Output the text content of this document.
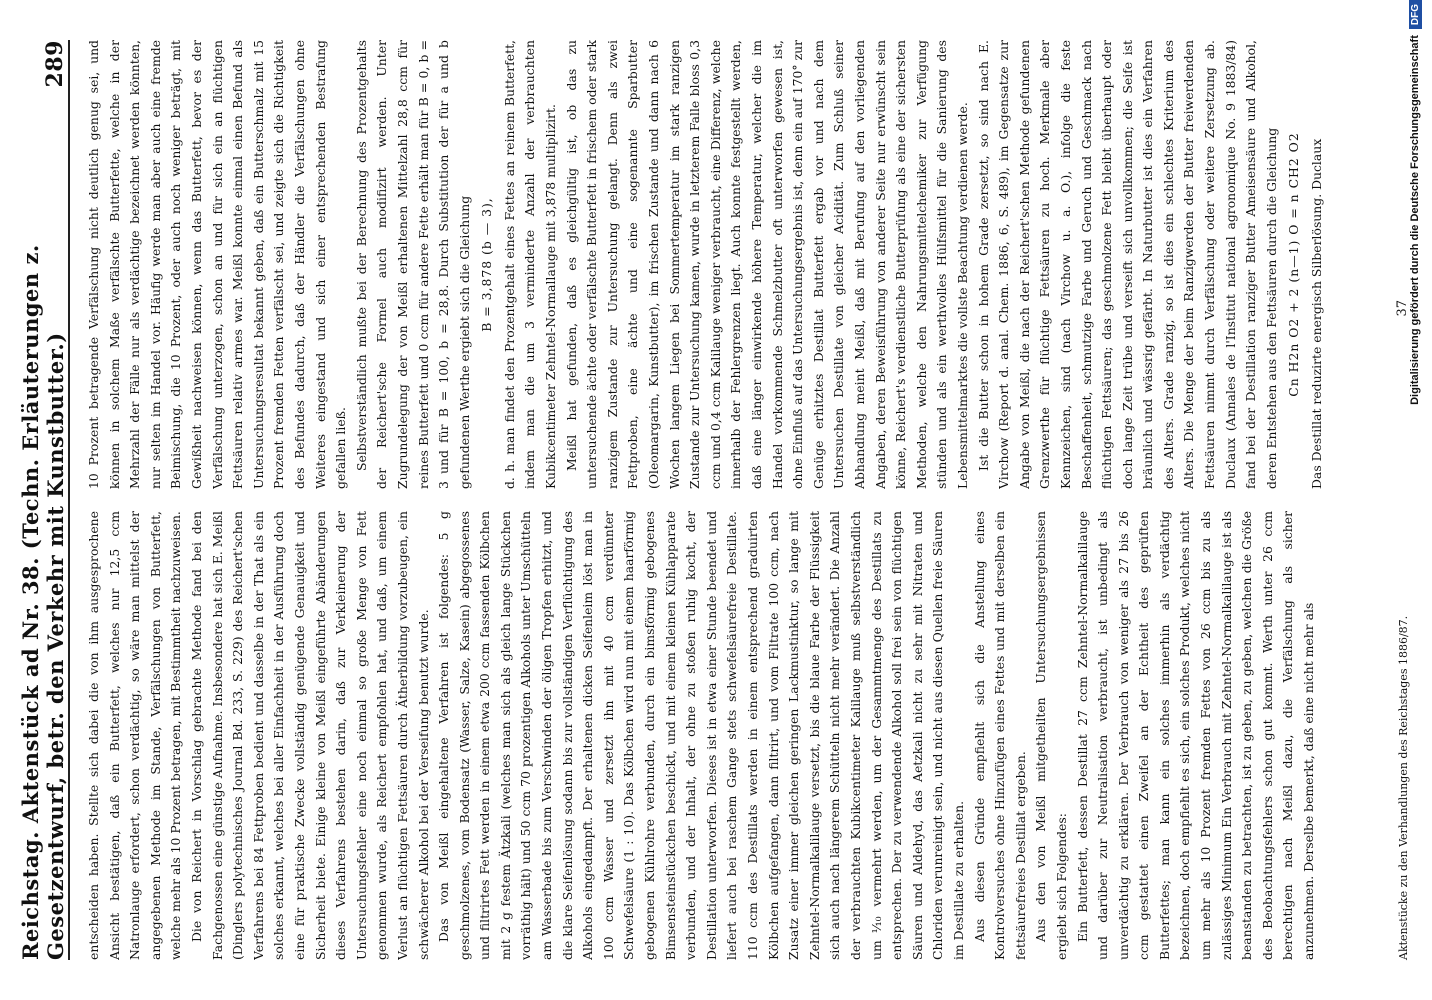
Reichstag. Aktenstück ad Nr. 38. (Techn. Erläuterungen z. Gesetzentwurf, betr. den Verkehr mit Kunstbutter.)
289

entscheiden haben. Stellte sich dabei die von ihm ausgesprochene Ansicht bestätigen, daß ein Butterfett, welches nur 12,5 ccm Natronlauge erfordert, schon verdächtig, so wäre man mittelst der angegebenen Methode im Stande, Verfälschungen von Butterfett, welche mehr als 10 Prozent betragen, mit Bestimmtheit nachzuweisen. Die von Reichert in Vorschlag gebrachte Methode fand bei den Fachgenossen eine günstige Aufnahme. Insbesondere hat sich E. Meißl (Dinglers polytechnisches Journal Bd. 233, S. 229) des Reichert'schen Verfahrens bei 84 Fettproben bedient und dasselbe in der That als ein solches erkannt, welches bei aller Einfachheit in der Ausführung doch eine für praktische Zwecke vollständig genügende Genauigkeit und Sicherheit biete. Einige kleine von Meißl eingeführte Abänderungen dieses Verfahrens bestehen darin, daß zur Verkleinerung der Untersuchungsfehler eine noch einmal so große Menge von Fett genommen wurde, als Reichert empfohlen hat, und daß, um einem Verlust an flüchtigen Fettsäuren durch Ätherbildung vorzubeugen, ein schwächerer Alkohol bei der Verseifung benutzt wurde. Das von Meißl eingehaltene Verfahren ist folgendes: 5 g geschmolzenes, vom Bodensatz (Wasser, Salze, Kasein) abgegossenes und filtrirtes Fett werden in einem etwa 200 ccm fassenden Kölbchen mit 2 g festem Ätzkali (welches man sich als gleich lange Stückchen vorräthig hält) und 50 ccm 70 prozentigen Alkohols unter Umschütteln am Wasserbade bis zum Verschwinden der öligen Tropfen erhitzt, und die klare Seifenlösung sodann bis zur vollständigen Verflüchtigung des Alkohols eingedampft. Der erhaltenen dicken Seifenleim löst man in 100 ccm Wasser und zersetzt ihn mit 40 ccm verdünnter Schwefelsäure (1 : 10). Das Kölbchen wird nun mit einem haarförmig gebogenen Kühlrohre verbunden, durch ein bimsförmig gebogenes Bimsensteinstückchen beschickt, und mit einem kleinen Kühlapparate verbunden, und der Inhalt, der ohne zu stoßen ruhig kocht, der Destillation unterworfen. Dieses ist in etwa einer Stunde beendet und liefert auch bei raschem Gange stets schwefelsäurefreie Destillate. 110 ccm des Destillats werden in einem entsprechend graduirten Kölbchen aufgefangen, dann filtrirt, und vom Filtrate 100 ccm, nach Zusatz einer immer gleichen geringen Lackmustinktur, so lange mit Zehntel-Normalkalilauge versetzt, bis die blaue Farbe der Flüssigkeit sich auch nach längerem Schütteln nicht mehr verändert. Die Anzahl der verbrauchten Kubikcentimeter Kalilauge muß selbstverständlich um ⅒ vermehrt werden, um der Gesammtmenge des Destillats zu entsprechen. Der zu verwendende Alkohol soll frei sein von flüchtigen Säuren und Aldehyd, das Aetzkali nicht zu sehr mit Nitraten und Chloriden verunreinigt sein, und nicht aus diesen Quellen freie Säuren im Destillate zu erhalten. Aus diesen Gründe empfiehlt sich die Anstellung eines Kontrolversuches ohne Hinzufügen eines Fettes und mit derselben ein fettsäurefreies Destillat ergeben. Aus den von Meißl mitgetheilten Untersuchungsergebnissen ergiebt sich Folgendes: Ein Butterfett, dessen Destillat 27 ccm Zehntel-Normalkalilauge und darüber zur Neutralisation verbraucht, ist unbedingt als unverdächtig zu erklären. Der Verbrauch von weniger als 27 bis 26 ccm gestattet einen Zweifel an der Echtheit des geprüften Butterfettes; man kann ein solches immerhin als verdächtig bezeichnen, doch empfiehlt es sich, ein solches Produkt, welches nicht um mehr als 10 Prozent fremden Fettes von 26 ccm bis zu als zulässiges Minimum Ein Verbrauch mit Zehntel-Normalkalilauge ist als beanstanden zu betrachten, ist zu geben, zu geben, welchen die Größe des Beobachtungsfehlers schon gut kommt. Werth unter 26 ccm berechtigen nach Meißl dazu, die Verfälschung als sicher anzunehmen. Derselbe bemerkt, daß eine nicht mehr als

10 Prozent betragende Verfälschung nicht deutlich genug sei, und können in solchem Maße verfälschte Butterfette, welche in der Mehrzahl der Fälle nur als verdächtige bezeichnet werden könnten, nur selten im Handel vor. Häufig werde man aber auch eine fremde Beimischung, die 10 Prozent, oder auch noch weniger beträgt, mit Gewißheit nachweisen können, wenn das Butterfett, bevor es der Verfälschung unterzogen, schon an und für sich ein an flüchtigen Fettsäuren relativ armes war. Meißl konnte einmal einen Befund als Untersuchungsresultat bekannt geben, daß ein Butterschmalz mit 15 Prozent fremden Fetten verfälscht sei, und zeigte sich die Richtigkeit des Befundes dadurch, daß der Händler die Verfälschungen ohne Weiteres eingestand und sich einer entsprechenden Bestrafung gefallen ließ. Selbstverständlich mußte bei der Berechnung des Prozentgehalts der Reichert'sche Formel auch modifizirt werden. Unter Zugrundelegung der von Meißl erhaltenen Mittelzahl 28,8 ccm für reines Butterfett und 0 ccm für andere Fette erhält man für B = 0, b = 3 und für B = 100, b = 28,8. Durch Substitution der für a und b gefundenen Werthe ergiebt sich die Gleichung B = 3,878 (b — 3), d. h. man findet den Prozentgehalt eines Fettes an reinem Butterfett, indem man die um 3 verminderte Anzahl der verbrauchten Kubikcentimeter Zehntel-Normallauge mit 3,878 multiplizirt. Meißl hat gefunden, daß es gleichgültig ist, ob das zu untersuchende ächte oder verfälschte Butterfett in frischem oder stark ranzigem Zustande zur Untersuchung gelangt. Denn als zwei Fettproben, eine ächte und eine sogenannte Sparbutter (Oleomargarin, Kunstbutter), im frischen Zustande und dann nach 6 Wochen langem Liegen bei Sommertemperatur im stark ranzigen Zustande zur Untersuchung kamen, wurde in letzterem Falle bloss 0,3 ccm und 0,4 ccm Kalilauge weniger verbraucht, eine Differenz, welche innerhalb der Fehlergrenzen liegt. Auch konnte festgestellt werden, daß eine länger einwirkende höhere Temperatur, welcher die im Handel vorkommende Schmelzbutter oft unterworfen gewesen ist, ohne Einfluß auf das Untersuchungsergebnis ist, denn ein auf 170° zur Genüge erhitztes Destillat Butterfett ergab vor und nach dem Untersuchen Destillate von gleicher Acidität. Zum Schluß seiner Abhandlung meint Meißl, daß mit Berufung auf den vorliegenden Angaben, deren Beweisführung von anderer Seite nur erwünscht sein könne, Reichert's verdienstliche Butterprüfung als eine der sichersten Methoden, welche den Nahrungsmittelchemiker zur Verfügung stünden und als ein werthvolles Hülfsmittel für die Sanierung des Lebensmittelmarktes die vollste Beachtung verdienen werde. Ist die Butter schon in hohem Grade zersetzt, so sind nach E. Virchow (Report d. anal. Chem. 1886, 6, S. 489), im Gegensatze zur Angabe von Meißl, die nach der Reichert'schen Methode gefundenen Grenzwerthe für flüchtige Fettsäuren zu hoch. Merkmale aber Kennzeichen, sind (nach Virchow u. a. O.), infolge die feste Beschaffenheit, schmutzige Farbe und Geruch und Geschmack nach flüchtigen Fettsäuren; das geschmolzene Fett bleibt überhaupt oder doch lange Zeit trübe und verseift sich unvollkommen; die Seife ist bräunlich und wässrig gefärbt. In Naturbutter ist dies ein Verfahren des Alters. Grade ranzig, so ist dies ein schlechtes Kriterium des Alters. Die Menge der beim Ranzigwerden der Butter freiwerdenden Fettsäuren nimmt durch Verfälschung oder weitere Zersetzung ab. Duclaux (Annales de l'Institut national agronomique No. 9 1883/84) fand bei der Destillation ranziger Butter Ameisensäure und Alkohol, deren Entstehen aus den Fettsäuren durch die Gleichung Cn H2n O2 + 2 (n—1) O = n CH2 O2 Das Destillat reduzirte energisch Silberlösung. Duclaux

Aktenstücke zu den Verhandlungen des Reichstages 1886/87.
37 Digitalisierung gefördert durch die Deutsche Forschungsgemeinschaft
DFG
